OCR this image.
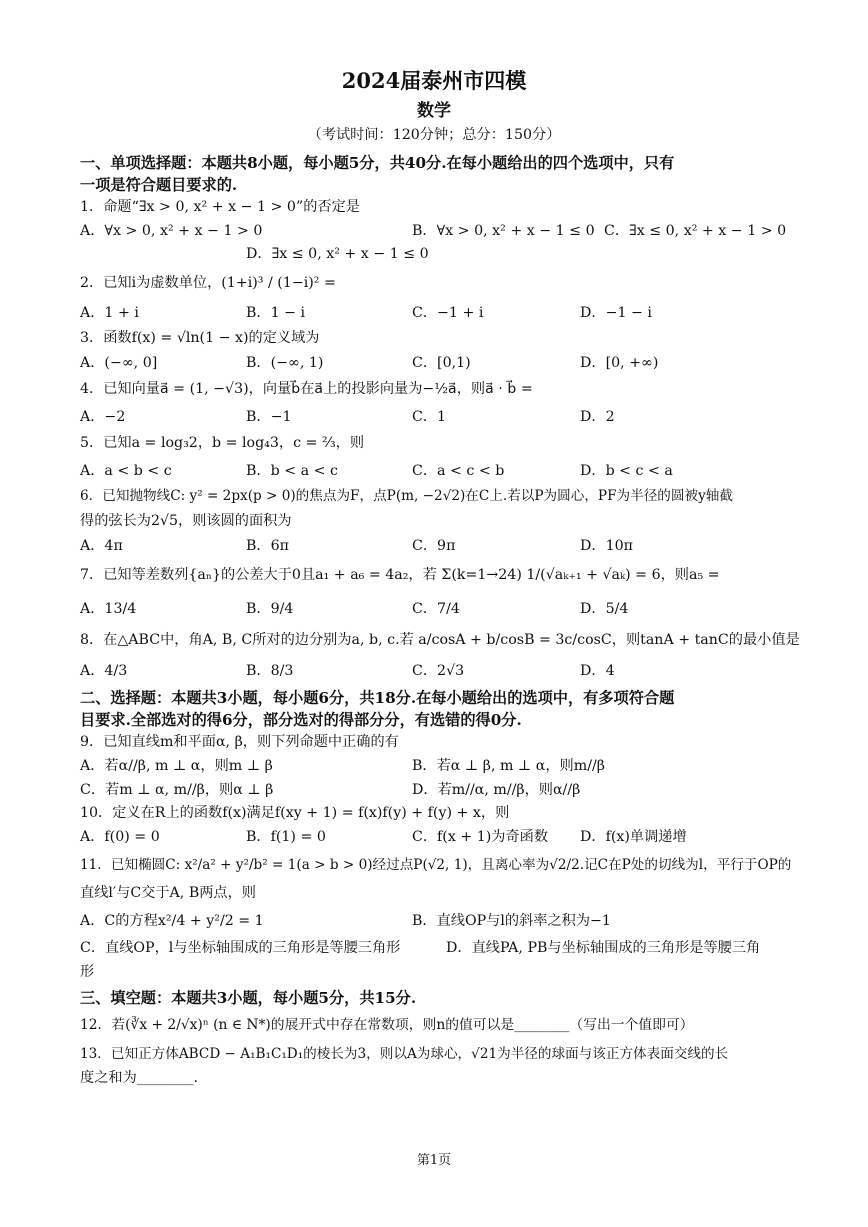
2024届泰州市四模
数学
（考试时间：120分钟；总分：150分）
一、单项选择题：本题共8小题，每小题5分，共40分.在每小题给出的四个选项中，只有
一项是符合题目要求的.
1．命题“∃x > 0, x² + x − 1 > 0”的否定是
A．∀x > 0, x² + x − 1 > 0	B．∀x > 0, x² + x − 1 ≤ 0 C．∃x ≤ 0, x² + x − 1 > 0
D．∃x ≤ 0, x² + x − 1 ≤ 0
2．已知i为虚数单位，(1+i)³ / (1−i)² =
A．1 + i	B．1 − i	C．−1 + i	D．−1 − i
3．函数f(x) = √ln(1 − x)的定义域为
A．(−∞, 0]	B．(−∞, 1)	C．[0,1)	D．[0, +∞)
4．已知向量a⃗ = (1, −√3)，向量b⃗在a⃗上的投影向量为−½a⃗，则a⃗ · b⃗ =
A．−2	B．−1	C．1	D．2
5．已知a = log₃2，b = log₄3，c = ⅔，则
A．a < b < c	B．b < a < c	C．a < c < b	D．b < c < a
6．已知抛物线C: y² = 2px(p > 0)的焦点为F，点P(m, −2√2)在C上.若以P为圆心，PF为半径的圆被y轴截
得的弦长为2√5，则该圆的面积为
A．4π	B．6π	C．9π	D．10π
7．已知等差数列{aₙ}的公差大于0且a₁ + a₆ = 4a₂，若 Σ(k=1→24) 1/(√aₖ₊₁ + √aₖ) = 6，则a₅ =
A．13/4	B．9/4	C．7/4	D．5/4
8．在△ABC中，角A, B, C所对的边分别为a, b, c.若 a/cosA + b/cosB = 3c/cosC，则tanA + tanC的最小值是
A．4/3	B．8/3	C．2√3	D．4
二、选择题：本题共3小题，每小题6分，共18分.在每小题给出的选项中，有多项符合题
目要求.全部选对的得6分，部分选对的得部分分，有选错的得0分.
9．已知直线m和平面α, β，则下列命题中正确的有
A．若α//β, m ⊥ α，则m ⊥ β	B．若α ⊥ β, m ⊥ α，则m//β
C．若m ⊥ α, m//β，则α ⊥ β	D．若m//α, m//β，则α//β
10．定义在R上的函数f(x)满足f(xy + 1) = f(x)f(y) + f(y) + x，则
A．f(0) = 0	B．f(1) = 0	C．f(x + 1)为奇函数 D．f(x)单调递增
11．已知椭圆C: x²/a² + y²/b² = 1(a > b > 0)经过点P(√2, 1)，且离心率为√2/2.记C在P处的切线为l，平行于OP的
直线l′与C交于A, B两点，则
A．C的方程x²/4 + y²/2 = 1	B．直线OP与l的斜率之积为−1
C．直线OP，l与坐标轴围成的三角形是等腰三角形	D．直线PA, PB与坐标轴围成的三角形是等腰三角
形
三、填空题：本题共3小题，每小题5分，共15分.
12．若(∛x + 2/√x)ⁿ (n ∈ N*)的展开式中存在常数项，则n的值可以是________（写出一个值即可）
13．已知正方体ABCD − A₁B₁C₁D₁的棱长为3，则以A为球心，√21为半径的球面与该正方体表面交线的长
度之和为________.
第1页
